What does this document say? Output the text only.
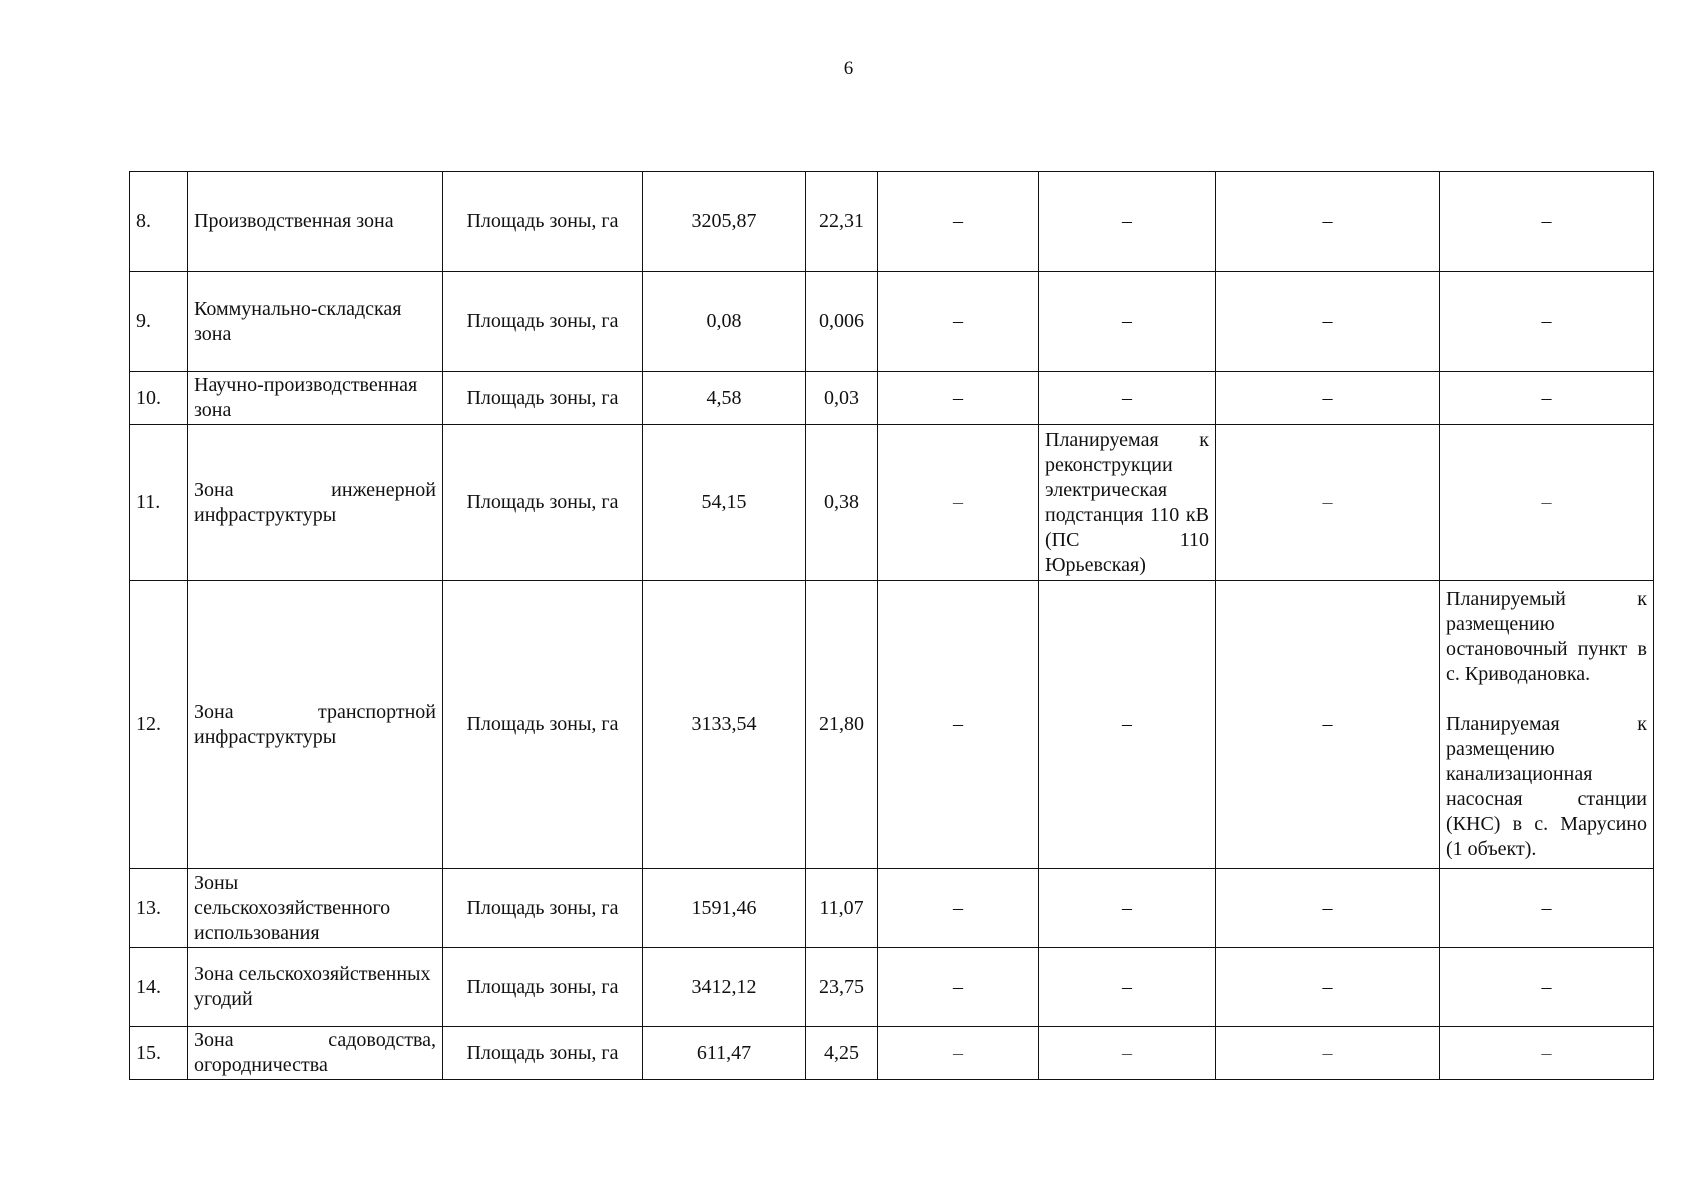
6
8.	Производственная зона	Площадь зоны, га	3205,87	22,31	–	–	–	–
9.	Коммунально-складская зона	Площадь зоны, га	0,08	0,006	–	–	–	–
10.	Научно-производственная зона	Площадь зоны, га	4,58	0,03	–	–	–	–
11.	Зона инженерной инфраструктуры	Площадь зоны, га	54,15	0,38	–	Планируемая к реконструкции электрическая подстанция 110 кВ (ПС 110 Юрьевская)	–	–
12.	Зона транспортной инфраструктуры	Площадь зоны, га	3133,54	21,80	–	–	–	Планируемый к размещению остановочный пункт в с. Криводановка.
Планируемая к размещению канализационная насосная станции (КНС) в с. Марусино (1 объект).

13.	Зоны сельскохозяйственного использования	Площадь зоны, га	1591,46	11,07	–	–	–	–
14.	Зона сельскохозяйственных угодий	Площадь зоны, га	3412,12	23,75	–	–	–	–
15.	Зона садоводства, огородничества	Площадь зоны, га	611,47	4,25	–	–	–	–
